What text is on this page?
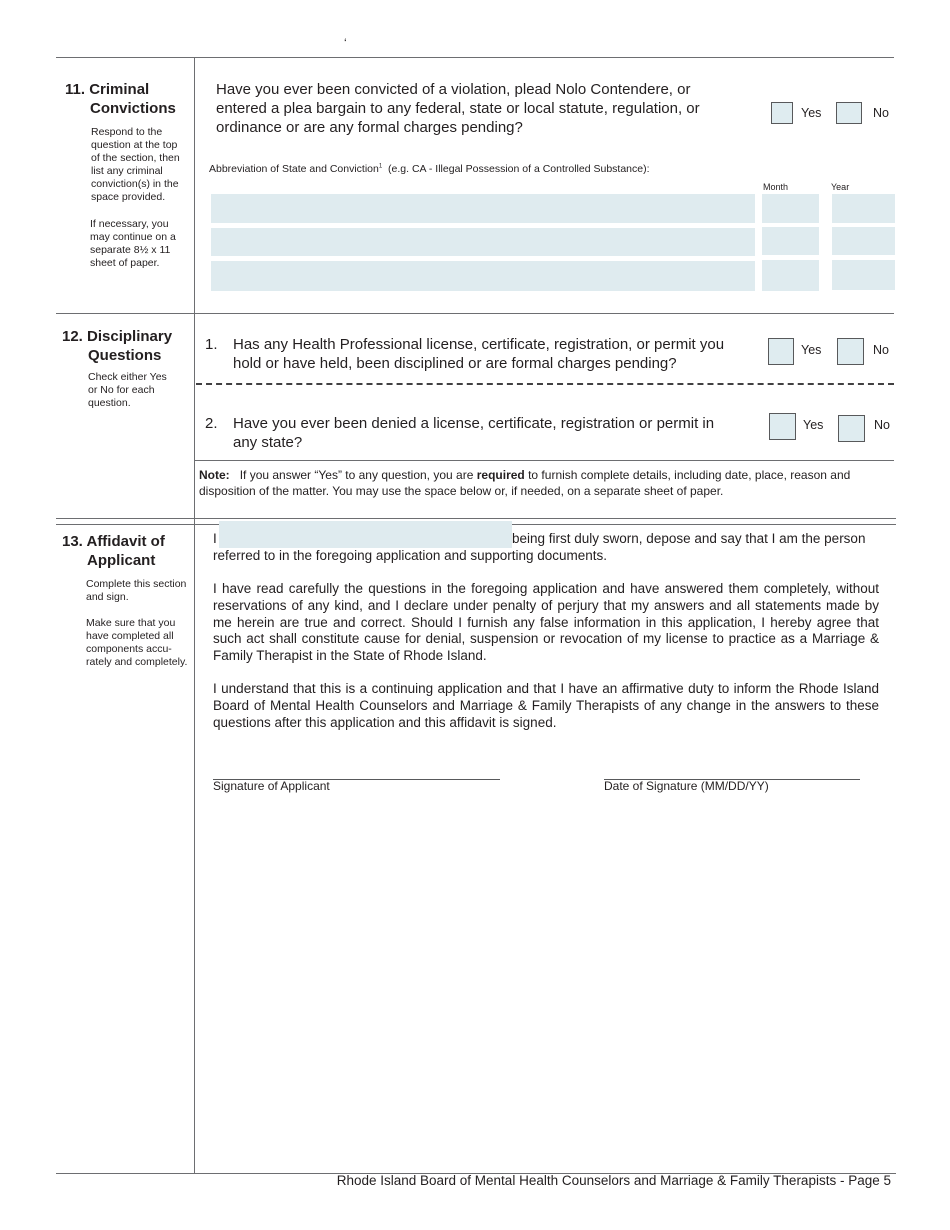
‘
11. Criminal
Convictions
Respond to the
question at the top
of the section, then
list any criminal
conviction(s) in the
space provided.
If necessary, you
may continue on a
separate 8½ x 11
sheet of paper.
Have you ever been convicted of a violation, plead Nolo Contendere, or
entered a plea bargain to any federal, state or local statute, regulation, or
ordinance or are any formal charges pending?
Yes	No
Abbreviation of State and Conviction$^1$ (e.g. CA - Illegal Possession of a Controlled Substance):
Month	Year
12. Disciplinary
Questions
Check either Yes
or No for each
question.
1. Has any Health Professional license, certificate, registration, or permit you
hold or have held, been disciplined or are formal charges pending?
Yes	No
2. Have you ever been denied a license, certificate, registration or permit in
any state?
Yes	No
Note: If you answer “Yes” to any question, you are required to furnish complete details, including date, place, reason and
disposition of the matter. You may use the space below or, if needed, on a separate sheet of paper.
13. Affidavit of
Applicant
Complete this section
and sign.
Make sure that you
have completed all
components accu-
rately and completely.
I	being first duly sworn, depose and say that I am the person
referred to in the foregoing application and supporting documents.
I have read carefully the questions in the foregoing application and have answered them completely, without reservations of any kind, and I declare under penalty of perjury that my answers and all statements made by me herein are true and correct. Should I furnish any false information in this application, I hereby agree that such act shall constitute cause for denial, suspension or revocation of my license to practice as a Marriage & Family Therapist in the State of Rhode Island.
I understand that this is a continuing application and that I have an affirmative duty to inform the Rhode Island Board of Mental Health Counselors and Marriage & Family Therapists of any change in the answers to these questions after this application and this affidavit is signed.
Signature of Applicant	Date of Signature (MM/DD/YY)
Rhode Island Board of Mental Health Counselors and Marriage & Family Therapists - Page 5
